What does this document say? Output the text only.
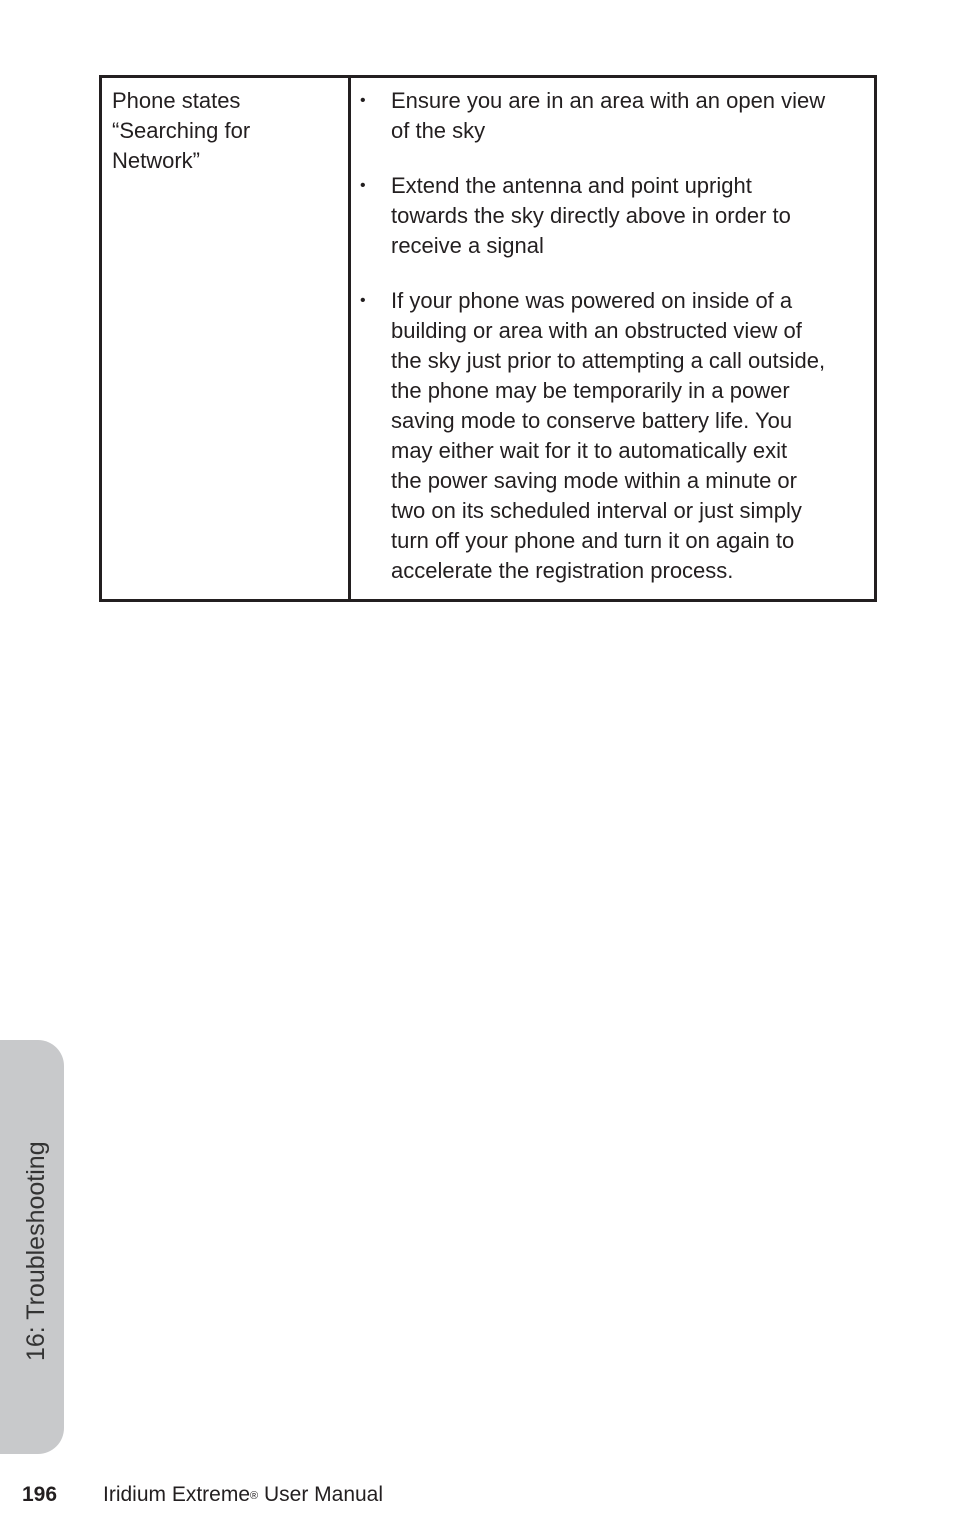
Phone states
“Searching for
Network”
• Ensure you are in an area with an open view
of the sky
• Extend the antenna and point upright
towards the sky directly above in order to
receive a signal
• If your phone was powered on inside of a
building or area with an obstructed view of
the sky just prior to attempting a call outside,
the phone may be temporarily in a power
saving mode to conserve battery life. You
may either wait for it to automatically exit
the power saving mode within a minute or
two on its scheduled interval or just simply
turn off your phone and turn it on again to
accelerate the registration process.
16: Troubleshooting
196 Iridium Extreme® User Manual
